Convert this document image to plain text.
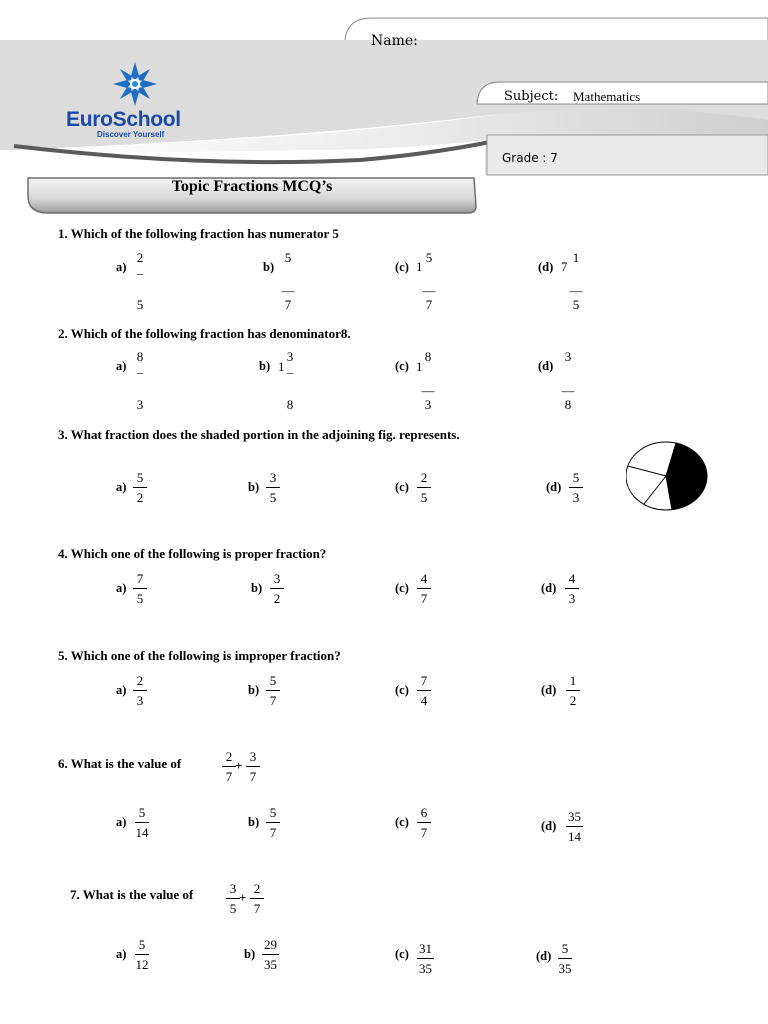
EuroSchool
Discover Yourself
Name:
Subject: Mathematics
Grade : 7
Topic Fractions MCQ’s
1. Which of the following fraction has numerator 5
a)
2
_
5
b)
5
—
7
(c) 1
5
—
7
(d) 7
1
—
5
2. Which of the following fraction has denominator8.
a)
8
_
3
b) 1
3
_
8
(c) 1
8
—
3
(d)
3
—
8
3. What fraction does the shaded portion in the adjoining fig. represents.
$a) \frac{5}{2}$	$b) \frac{3}{5}$	$(c) \frac{2}{5}$	$(d) \frac{5}{3}$
4. Which one of the following is proper fraction?
$a) \frac{7}{5}$	$b) \frac{3}{2}$	$(c) \frac{4}{7}$	$(d) \frac{4}{3}$
5. Which one of the following is improper fraction?
$a) \frac{2}{3}$	$b) \frac{5}{7}$	$(c) \frac{7}{4}$	$(d) \frac{1}{2}$
6. What is the value of	$\frac{2}{7} + \frac{3}{7}$
$a) \frac{5}{14}$	$b) \frac{5}{7}$	$(c) \frac{6}{7}$	$(d) \frac{35}{14}$
7. What is the value of	$\frac{3}{5} + \frac{2}{7}$
$a) \frac{5}{12}$	$b) \frac{29}{35}$	$(c) \frac{31}{35}$	$(d) \frac{5}{35}$
